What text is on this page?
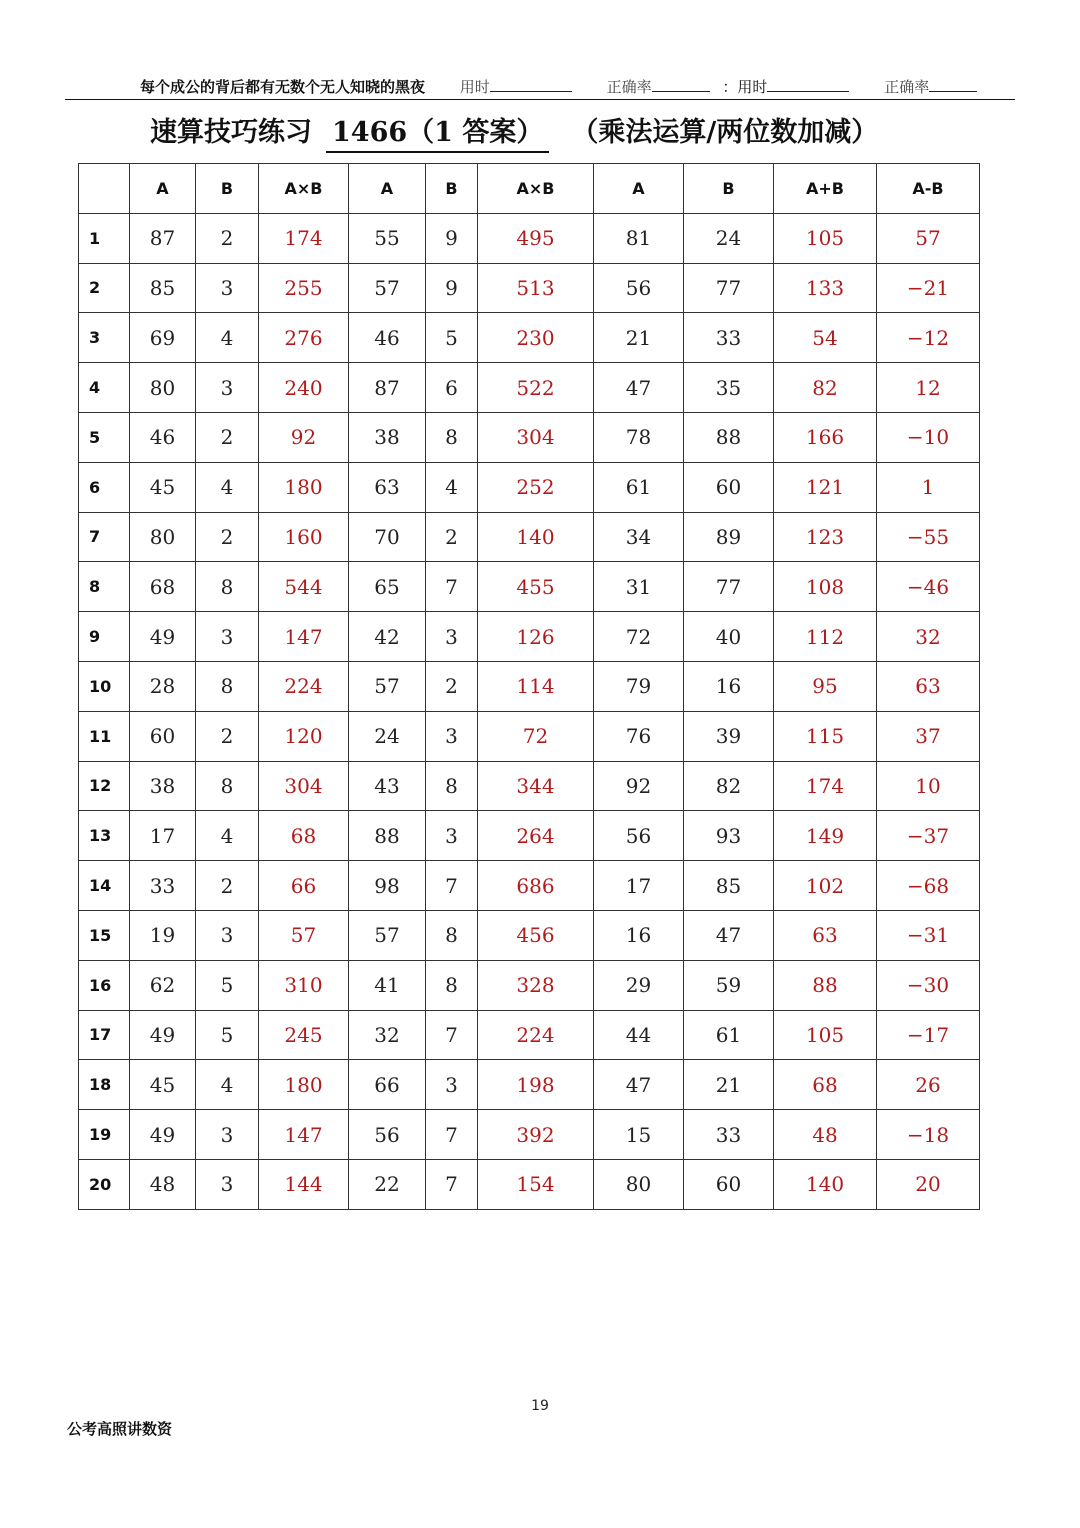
每个成公的背后都有无数个无人知晓的黑夜 用时	正确率	：用时	正确率
速算技巧练习 1466（1 答案） （乘法运算/两位数加减）
	A	B	A×B	A	B	A×B	A	B	A+B	A-B
1	87	2	174	55	9	495	81	24	105	57
2	85	3	255	57	9	513	56	77	133	−21
3	69	4	276	46	5	230	21	33	54	−12
4	80	3	240	87	6	522	47	35	82	12
5	46	2	92	38	8	304	78	88	166	−10
6	45	4	180	63	4	252	61	60	121	1
7	80	2	160	70	2	140	34	89	123	−55
8	68	8	544	65	7	455	31	77	108	−46
9	49	3	147	42	3	126	72	40	112	32
10	28	8	224	57	2	114	79	16	95	63
11	60	2	120	24	3	72	76	39	115	37
12	38	8	304	43	8	344	92	82	174	10
13	17	4	68	88	3	264	56	93	149	−37
14	33	2	66	98	7	686	17	85	102	−68
15	19	3	57	57	8	456	16	47	63	−31
16	62	5	310	41	8	328	29	59	88	−30
17	49	5	245	32	7	224	44	61	105	−17
18	45	4	180	66	3	198	47	21	68	26
19	49	3	147	56	7	392	15	33	48	−18
20	48	3	144	22	7	154	80	60	140	20
19
公考高照讲数资
